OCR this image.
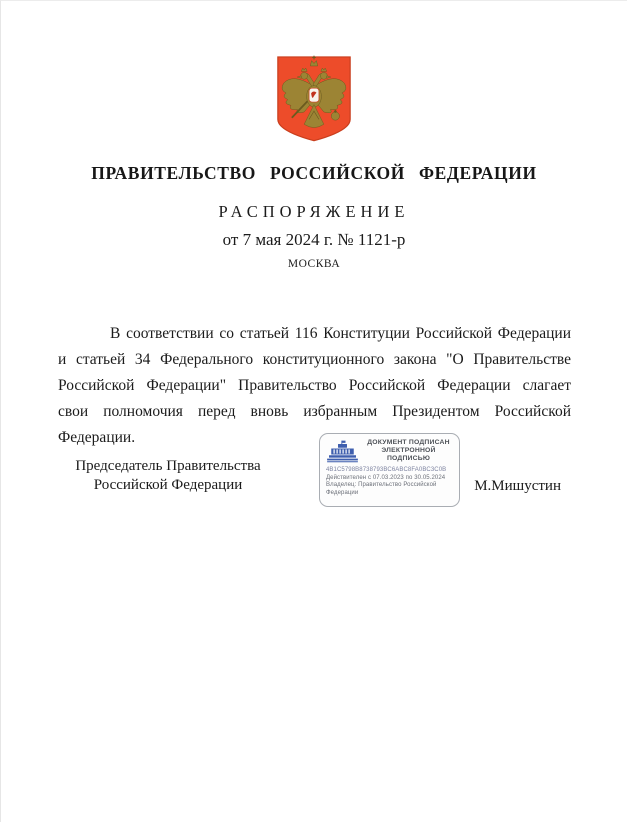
ПРАВИТЕЛЬСТВО РОССИЙСКОЙ ФЕДЕРАЦИИ
РАСПОРЯЖЕНИЕ
от 7 мая 2024 г. № 1121-р
МОСКВА
В соответствии со статьей 116 Конституции Российской Федерации
и статьей 34 Федерального конституционного закона "О Правительстве
Российской Федерации" Правительство Российской Федерации слагает
свои полномочия перед вновь избранным Президентом Российской
Федерации.
Председатель Правительства
Российской Федерации
ДОКУМЕНТ ПОДПИСАН
ЭЛЕКТРОННОЙ ПОДПИСЬЮ
4B1C5798B8738793BC6ABC8FA0BC3C0B
Действителен с 07.03.2023 по 30.05.2024
Владелец: Правительство Российской
Федерации	М.Мишустин
